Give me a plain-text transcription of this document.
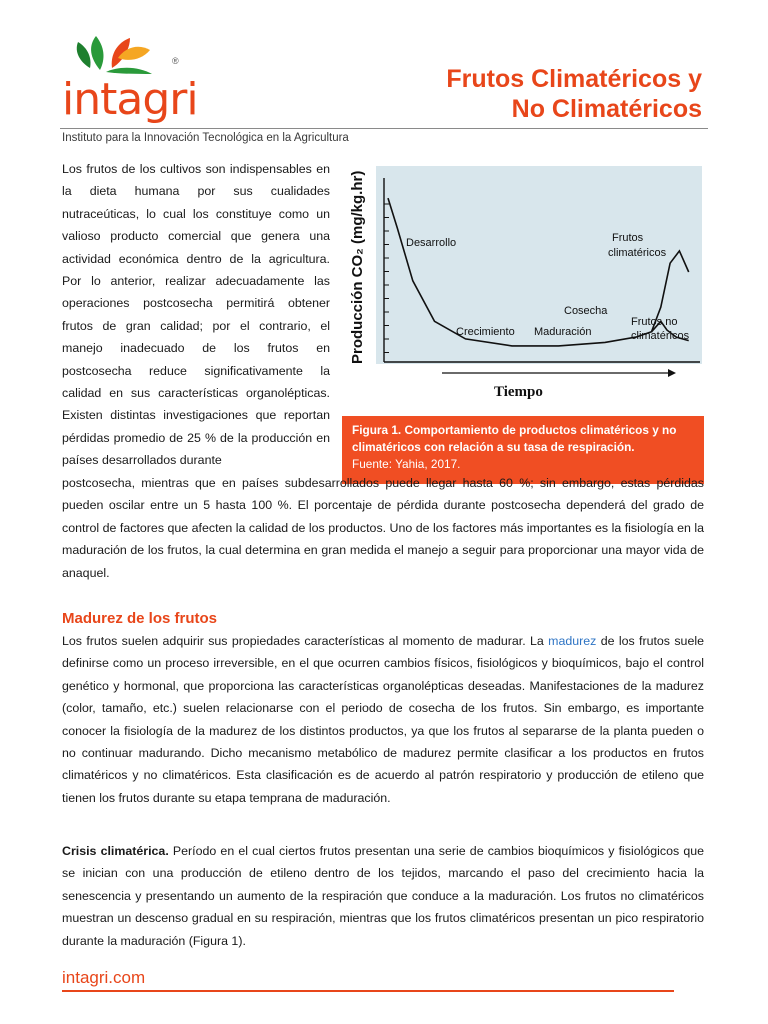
intagri
®
Frutos Climatéricos y
No Climatéricos
Instituto para la Innovación Tecnológica en la Agricultura
Los frutos de los cultivos son indispensables en la dieta humana por sus cualidades nutraceúticas, lo cual los constituye como un valioso producto comercial que genera una actividad económica dentro de la agricultura. Por lo anterior, realizar adecuadamente las operaciones postcosecha permitirá obtener frutos de gran calidad; por el contrario, el manejo inadecuado de los frutos en postcosecha reduce significativamente la calidad en sus características organolépticas. Existen distintas investigaciones que reportan pérdidas promedio de 25 % de la producción en países desarrollados durante
Producción CO₂ (mg/kg.hr)
Tiempo
Desarrollo
Crecimiento Maduración
Cosecha
Frutos climatéricos
Frutos no climatéricos
Figura 1. Comportamiento de productos climatéricos y no climatéricos con relación a su tasa de respiración.
Fuente: Yahia, 2017.
postcosecha, mientras que en países subdesarrollados puede llegar hasta 60 %; sin embargo, estas pérdidas pueden oscilar entre un 5 hasta 100 %. El porcentaje de pérdida durante postcosecha dependerá del grado de control de factores que afecten la calidad de los productos. Uno de los factores más importantes es la fisiología en la maduración de los frutos, la cual determina en gran medida el manejo a seguir para proporcionar una mayor vida de anaquel.
Madurez de los frutos
Los frutos suelen adquirir sus propiedades características al momento de madurar. La madurez de los frutos suele definirse como un proceso irreversible, en el que ocurren cambios físicos, fisiológicos y bioquímicos, bajo el control genético y hormonal, que proporciona las características organolépticas deseadas. Manifestaciones de la madurez (color, tamaño, etc.) suelen relacionarse con el periodo de cosecha de los frutos. Sin embargo, es importante conocer la fisiología de la madurez de los distintos productos, ya que los frutos al separarse de la planta pueden o no continuar madurando. Dicho mecanismo metabólico de madurez permite clasificar a los productos en frutos climatéricos y no climatéricos. Esta clasificación es de acuerdo al patrón respiratorio y producción de etileno que tienen los frutos durante su etapa temprana de maduración.
Crisis climatérica. Período en el cual ciertos frutos presentan una serie de cambios bioquímicos y fisiológicos que se inician con una producción de etileno dentro de los tejidos, marcando el paso del crecimiento hacia la senescencia y presentando un aumento de la respiración que conduce a la maduración. Los frutos no climatéricos muestran un descenso gradual en su respiración, mientras que los frutos climatéricos presentan un pico respiratorio durante la maduración (Figura 1).
intagri.com
